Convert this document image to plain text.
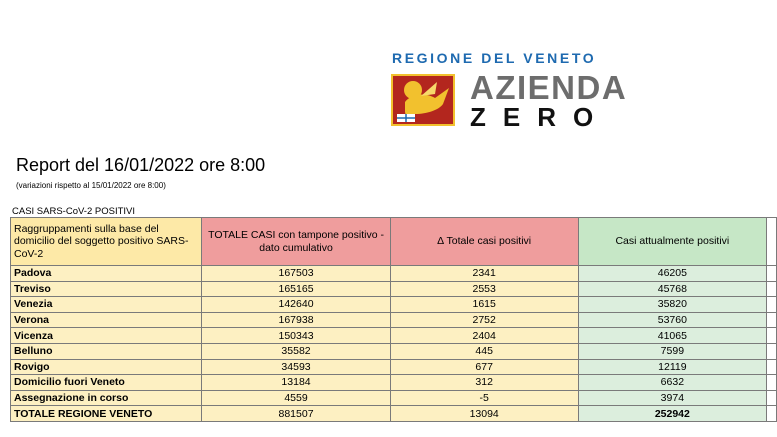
REGIONE DEL VENETO
AZIENDA
ZERO
Report del 16/01/2022 ore 8:00
(variazioni rispetto al 15/01/2022 ore 8:00)
CASI SARS-CoV-2 POSITIVI
Raggruppamenti sulla base del domicilio del soggetto positivo SARS-CoV-2	TOTALE CASI con tampone positivo - dato cumulativo	Δ Totale casi positivi	Casi attualmente positivi	
Padova	167503	2341	46205	
Treviso	165165	2553	45768	
Venezia	142640	1615	35820	
Verona	167938	2752	53760	
Vicenza	150343	2404	41065	
Belluno	35582	445	7599	
Rovigo	34593	677	12119	
Domicilio fuori Veneto	13184	312	6632	
Assegnazione in corso	4559	-5	3974	
TOTALE REGIONE VENETO	881507	13094	252942	
